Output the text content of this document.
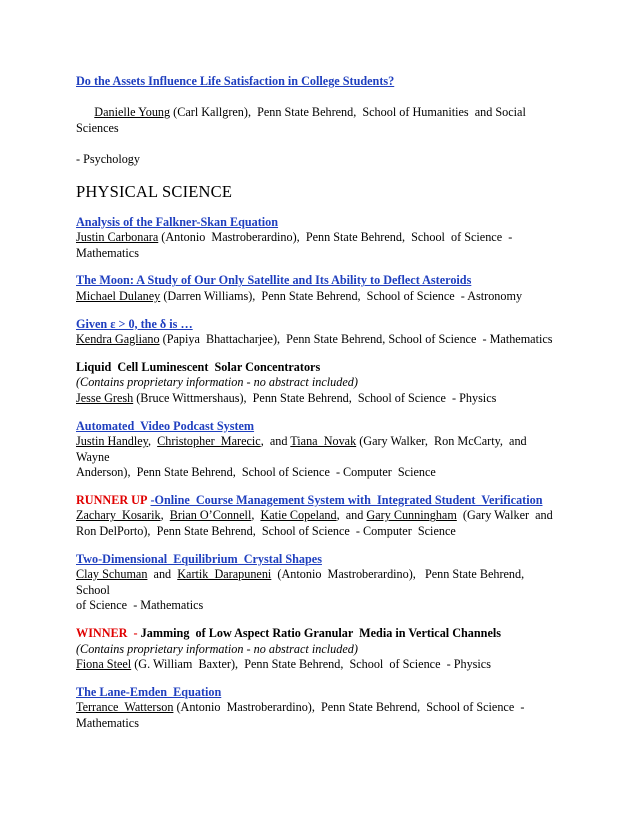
Do the Assets Influence Life Satisfaction in College Students?

Danielle Young (Carl Kallgren),  Penn State Behrend,  School of Humanities  and Social Sciences

- Psychology
PHYSICAL SCIENCE
Analysis of the Falkner-Skan Equation
Justin Carbonara (Antonio  Mastroberardino),  Penn State Behrend,  School  of Science  -
Mathematics
The Moon: A Study of Our Only Satellite and Its Ability to Deflect Asteroids
Michael Dulaney (Darren Williams),  Penn State Behrend,  School of Science  - Astronomy
Given ε > 0, the δ is …
Kendra Gagliano (Papiya  Bhattacharjee),  Penn State Behrend, School of Science  - Mathematics
Liquid  Cell Luminescent  Solar Concentrators
(Contains proprietary information - no abstract included)
Jesse Gresh (Bruce Wittmershaus),  Penn State Behrend,  School of Science  - Physics
Automated  Video Podcast System
Justin Handley,  Christopher  Marecic,  and Tiana  Novak (Gary Walker,  Ron McCarty,  and Wayne
Anderson),  Penn State Behrend,  School of Science  - Computer  Science
RUNNER UP -Online  Course Management System with  Integrated Student  Verification
Zachary  Kosarik,  Brian O’Connell,  Katie Copeland,  and Gary Cunningham  (Gary Walker  and
Ron DelPorto),  Penn State Behrend,  School of Science  - Computer  Science
Two-Dimensional  Equilibrium  Crystal Shapes
Clay Schuman  and  Kartik  Darapuneni  (Antonio  Mastroberardino),   Penn State Behrend,  School
of Science  - Mathematics
WINNER  - Jamming  of Low Aspect Ratio Granular  Media in Vertical Channels
(Contains proprietary information - no abstract included)
Fiona Steel (G. William  Baxter),  Penn State Behrend,  School  of Science  - Physics
The Lane-Emden  Equation
Terrance  Watterson (Antonio  Mastroberardino),  Penn State Behrend,  School of Science  -
Mathematics
